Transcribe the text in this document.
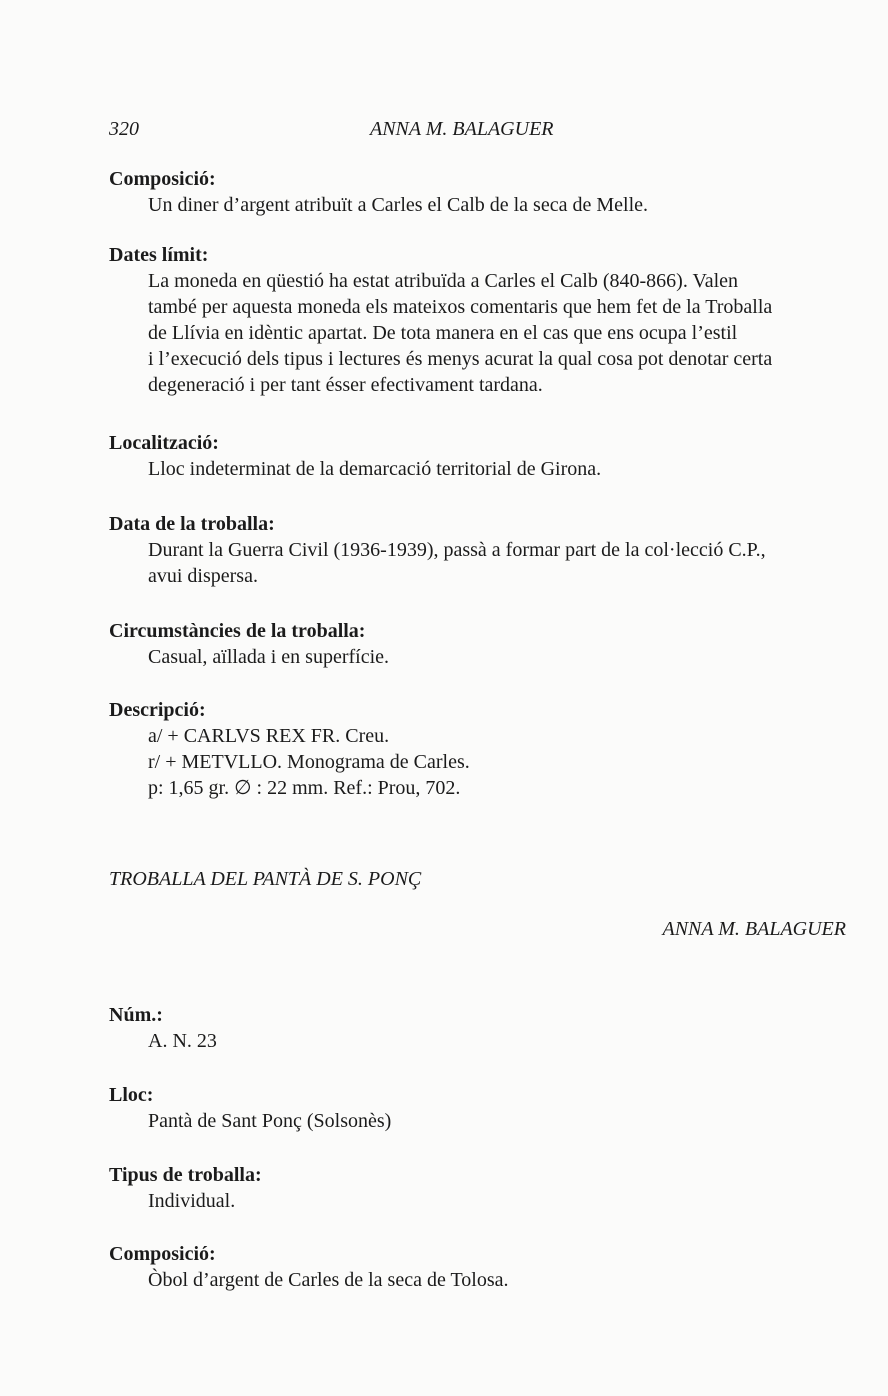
320	ANNA M. BALAGUER
Composició:

Un diner d’argent atribuït a Carles el Calb de la seca de Melle.

Dates límit:

La moneda en qüestió ha estat atribuïda a Carles el Calb (840-866). Valen

també per aquesta moneda els mateixos comentaris que hem fet de la Troballa

de Llívia en idèntic apartat. De tota manera en el cas que ens ocupa l’estil

i l’execució dels tipus i lectures és menys acurat la qual cosa pot denotar certa

degeneració i per tant ésser efectivament tardana.

Localització:

Lloc indeterminat de la demarcació territorial de Girona.

Data de la troballa:

Durant la Guerra Civil (1936-1939), passà a formar part de la col·lecció C.P.,

avui dispersa.

Circumstàncies de la troballa:

Casual, aïllada i en superfície.

Descripció:

a/ + CARLVS REX FR. Creu.

r/ + METVLLO. Monograma de Carles.

p: 1,65 gr. ∅ : 22 mm. Ref.: Prou, 702.

TROBALLA DEL PANTÀ DE S. PONÇ
ANNA M. BALAGUER
Núm.:

A. N. 23

Lloc:

Pantà de Sant Ponç (Solsonès)

Tipus de troballa:

Individual.

Composició:

Òbol d’argent de Carles de la seca de Tolosa.
